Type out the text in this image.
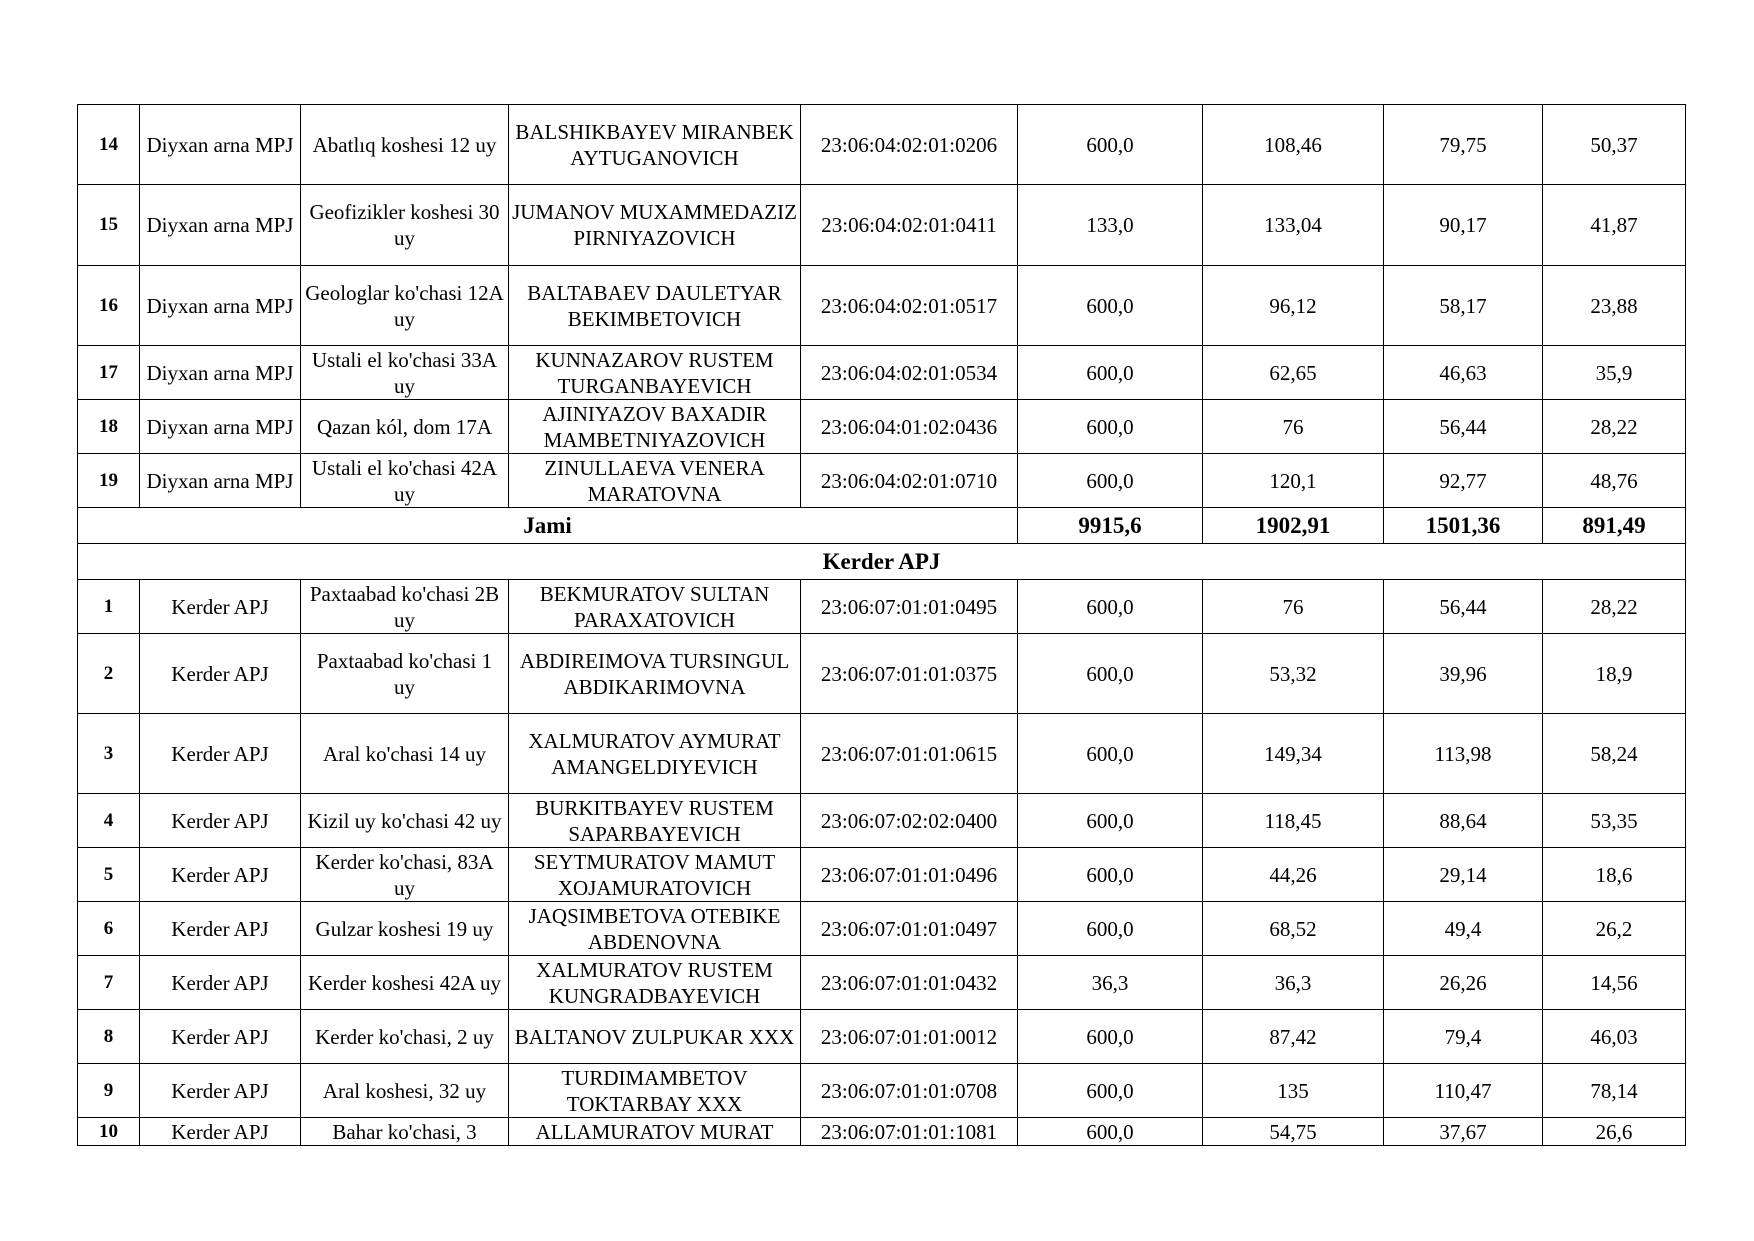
14	Diyxan arna MPJ	Abatlıq koshesi 12 uy	BALSHIKBAYEV MIRANBEK AYTUGANOVICH	23:06:04:02:01:0206	600,0	108,46	79,75	50,37
15	Diyxan arna MPJ	Geofizikler koshesi 30 uy	JUMANOV MUXAMMEDAZIZ PIRNIYAZOVICH	23:06:04:02:01:0411	133,0	133,04	90,17	41,87
16	Diyxan arna MPJ	Geologlar ko'chasi 12A uy	BALTABAEV DAULETYAR BEKIMBETOVICH	23:06:04:02:01:0517	600,0	96,12	58,17	23,88
17	Diyxan arna MPJ	Ustali el ko'chasi 33A uy	KUNNAZAROV RUSTEM TURGANBAYEVICH	23:06:04:02:01:0534	600,0	62,65	46,63	35,9
18	Diyxan arna MPJ	Qazan kól, dom 17A	AJINIYAZOV BAXADIR MAMBETNIYAZOVICH	23:06:04:01:02:0436	600,0	76	56,44	28,22
19	Diyxan arna MPJ	Ustali el ko'chasi 42A uy	ZINULLAEVA VENERA MARATOVNA	23:06:04:02:01:0710	600,0	120,1	92,77	48,76
Jami					9915,6	1902,91	1501,36	891,49
Kerder APJ								
1	Kerder APJ	Paxtaabad ko'chasi 2B uy	BEKMURATOV SULTAN PARAXATOVICH	23:06:07:01:01:0495	600,0	76	56,44	28,22
2	Kerder APJ	Paxtaabad ko'chasi 1 uy	ABDIREIMOVA TURSINGUL ABDIKARIMOVNA	23:06:07:01:01:0375	600,0	53,32	39,96	18,9
3	Kerder APJ	Aral ko'chasi 14 uy	XALMURATOV AYMURAT AMANGELDIYEVICH	23:06:07:01:01:0615	600,0	149,34	113,98	58,24
4	Kerder APJ	Kizil uy ko'chasi 42 uy	BURKITBAYEV RUSTEM SAPARBAYEVICH	23:06:07:02:02:0400	600,0	118,45	88,64	53,35
5	Kerder APJ	Kerder ko'chasi, 83A uy	SEYTMURATOV MAMUT XOJAMURATOVICH	23:06:07:01:01:0496	600,0	44,26	29,14	18,6
6	Kerder APJ	Gulzar koshesi 19 uy	JAQSIMBETOVA OTEBIKE ABDENOVNA	23:06:07:01:01:0497	600,0	68,52	49,4	26,2
7	Kerder APJ	Kerder koshesi 42A uy	XALMURATOV RUSTEM KUNGRADBAYEVICH	23:06:07:01:01:0432	36,3	36,3	26,26	14,56
8	Kerder APJ	Kerder ko'chasi, 2 uy	BALTANOV ZULPUKAR XXX	23:06:07:01:01:0012	600,0	87,42	79,4	46,03
9	Kerder APJ	Aral koshesi, 32 uy	TURDIMAMBETOV TOKTARBAY XXX	23:06:07:01:01:0708	600,0	135	110,47	78,14
10	Kerder APJ	Bahar ko'chasi, 3	ALLAMURATOV MURAT	23:06:07:01:01:1081	600,0	54,75	37,67	26,6
